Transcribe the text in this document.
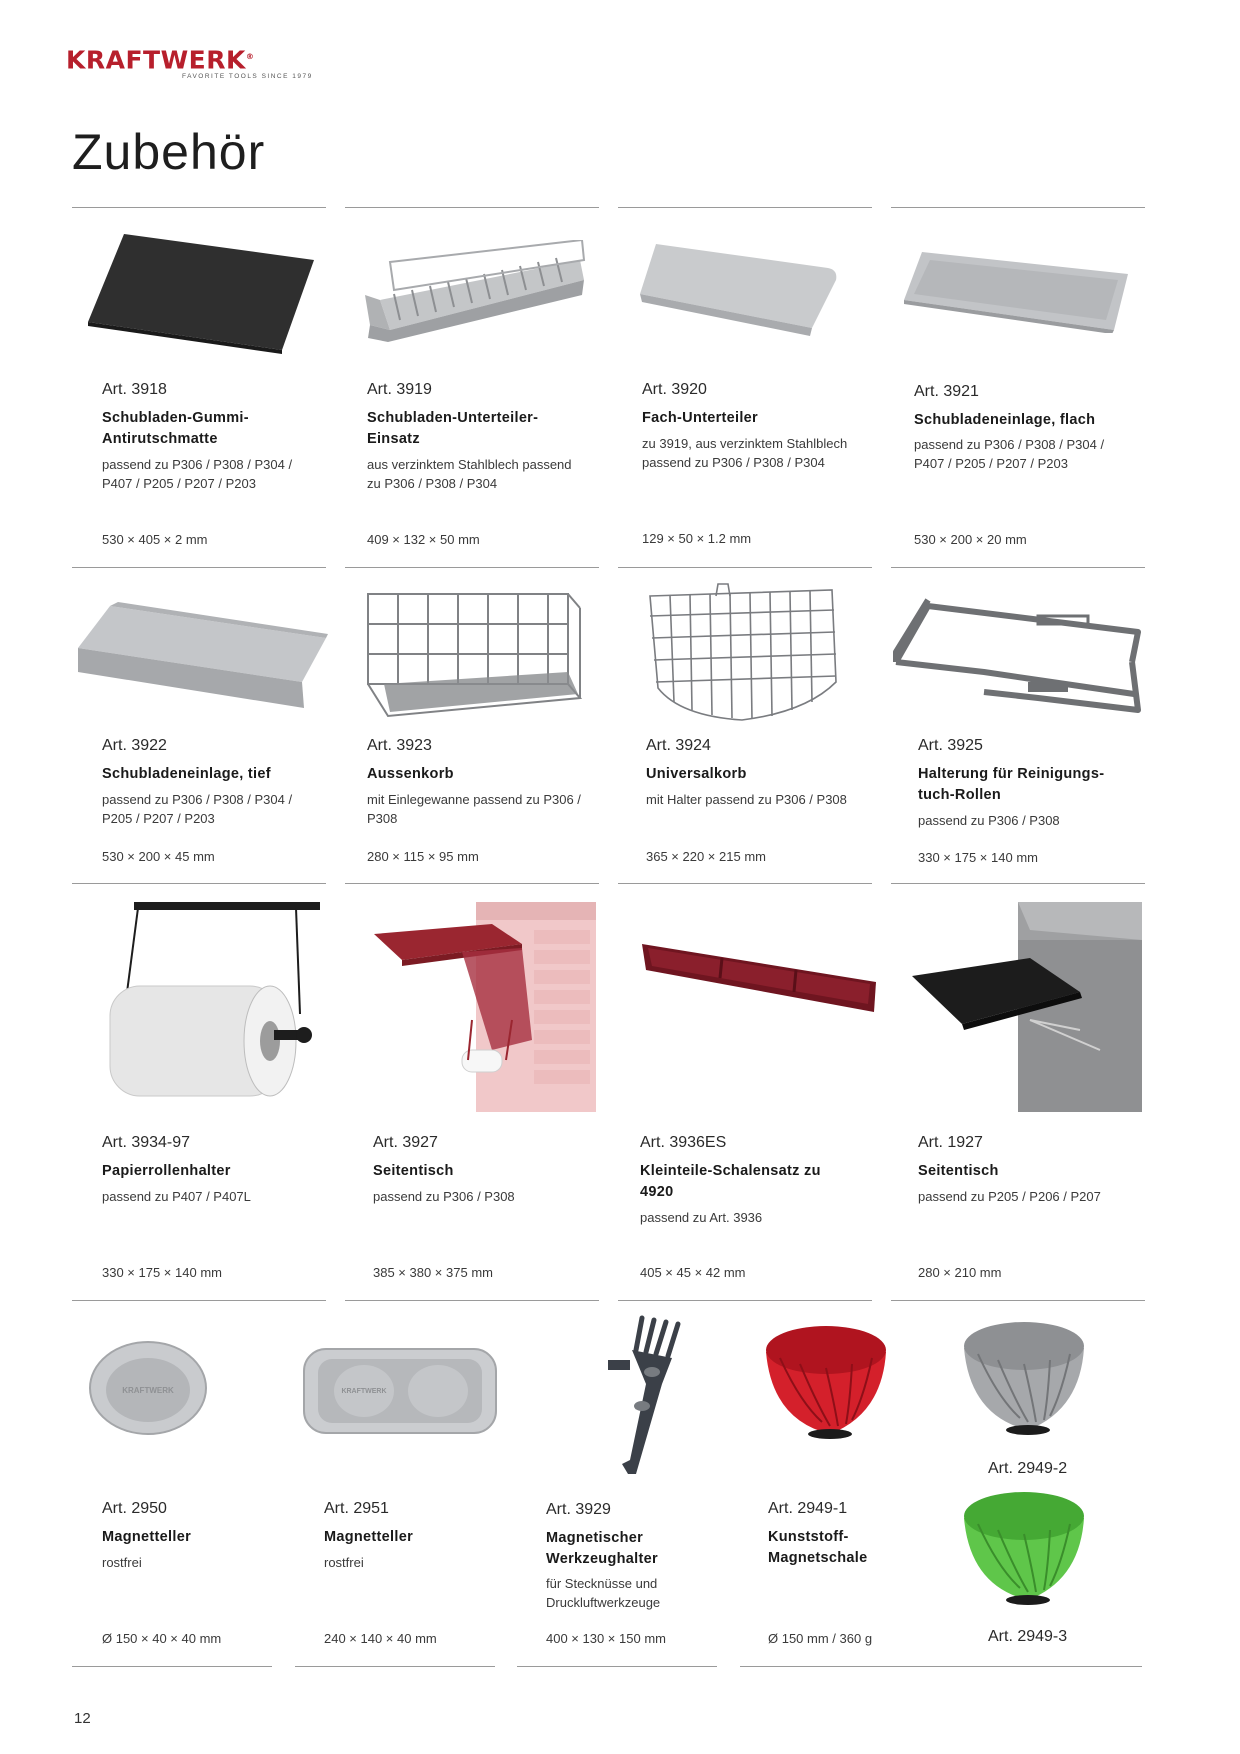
KRAFTWERK®
FAVORITE TOOLS SINCE 1979
Zubehör
Art. 3918
Schubladen-Gummi-Antirutschmatte
passend zu P306 / P308 / P304 / P407 / P205 / P207 / P203
530 × 405 × 2 mm
Art. 3919
Schubladen-Unterteiler-Einsatz
aus verzinktem Stahlblech passend zu P306 / P308 / P304
409 × 132 × 50 mm
Art. 3920
Fach-Unterteiler
zu 3919, aus verzinktem Stahlblech passend zu P306 / P308 / P304
129 × 50 × 1.2 mm
Art. 3921
Schubladeneinlage, flach
passend zu P306 / P308 / P304 / P407 / P205 / P207 / P203
530 × 200 × 20 mm
Art. 3922
Schubladeneinlage, tief
passend zu P306 / P308 / P304 / P205 / P207 / P203
530 × 200 × 45 mm
Art. 3923
Aussenkorb
mit Einlegewanne passend zu P306 / P308
280 × 115 × 95 mm
Art. 3924
Universalkorb
mit Halter passend zu P306 / P308
365 × 220 × 215 mm
Art. 3925
Halterung für Reinigungs-tuch-Rollen
passend zu P306 / P308
330 × 175 × 140 mm
Art. 3934-97
Papierrollenhalter
passend zu P407 / P407L
330 × 175 × 140 mm
Art. 3927
Seitentisch
passend zu P306 / P308
385 × 380 × 375 mm
Art. 3936ES
Kleinteile-Schalensatz zu 4920
passend zu Art. 3936
405 × 45 × 42 mm
Art. 1927
Seitentisch
passend zu P205 / P206 / P207
280 × 210 mm
KRAFTWERK
Art. 2950
Magnetteller
rostfrei
Ø 150 × 40 × 40 mm
KRAFTWERK
Art. 2951
Magnetteller
rostfrei
240 × 140 × 40 mm
Art. 3929
Magnetischer Werkzeughalter
für Stecknüsse und Druckluftwerkzeuge
400 × 130 × 150 mm
Art. 2949-1
Kunststoff-Magnetschale
Ø 150 mm / 360 g
Art. 2949-2
Art. 2949-3
12
